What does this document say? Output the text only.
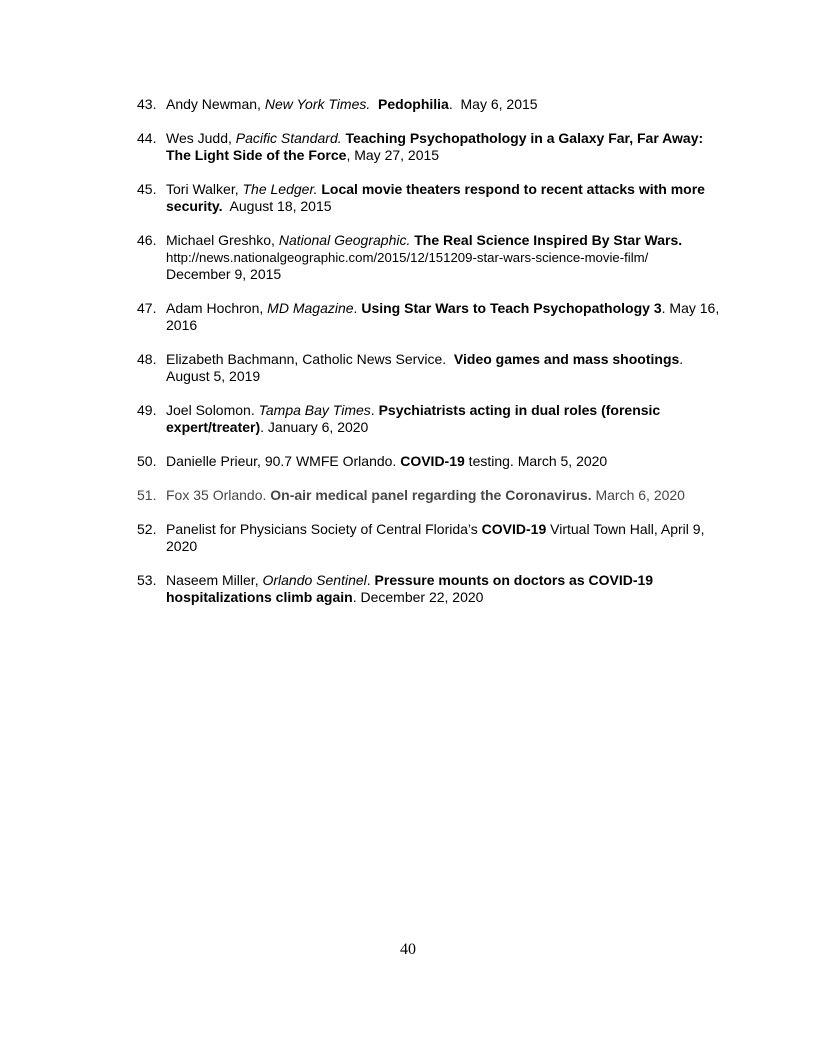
43. Andy Newman, New York Times. Pedophilia.  May 6, 2015
44. Wes Judd, Pacific Standard. Teaching Psychopathology in a Galaxy Far, Far Away: The Light Side of the Force, May 27, 2015
45. Tori Walker, The Ledger. Local movie theaters respond to recent attacks with more security.  August 18, 2015
46. Michael Greshko, National Geographic. The Real Science Inspired By Star Wars.
http://news.nationalgeographic.com/2015/12/151209-star-wars-science-movie-film/
December 9, 2015
47. Adam Hochron, MD Magazine. Using Star Wars to Teach Psychopathology 3. May 16, 2016
48. Elizabeth Bachmann, Catholic News Service.  Video games and mass shootings. August 5, 2019
49. Joel Solomon. Tampa Bay Times. Psychiatrists acting in dual roles (forensic expert/treater). January 6, 2020
50. Danielle Prieur, 90.7 WMFE Orlando. COVID-19 testing. March 5, 2020
51. Fox 35 Orlando. On-air medical panel regarding the Coronavirus. March 6, 2020
52. Panelist for Physicians Society of Central Florida’s COVID-19 Virtual Town Hall, April 9, 2020
53. Naseem Miller, Orlando Sentinel. Pressure mounts on doctors as COVID-19 hospitalizations climb again. December 22, 2020
40
